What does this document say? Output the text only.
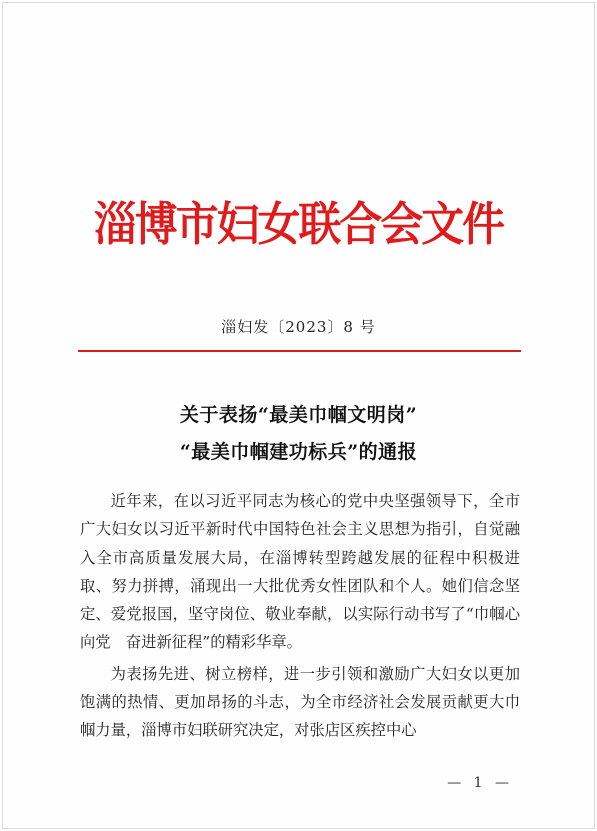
淄博市妇女联合会文件
淄妇发〔2023〕8 号
关于表扬“最美巾帼文明岗”
“最美巾帼建功标兵”的通报

近年来，在以习近平同志为核心的党中央坚强领导下，全市广大妇女以习近平新时代中国特色社会主义思想为指引，自觉融入全市高质量发展大局，在淄博转型跨越发展的征程中积极进取、努力拼搏，涌现出一大批优秀女性团队和个人。她们信念坚定、爱党报国，坚守岗位、敬业奉献，以实际行动书写了“巾帼心向党　奋进新征程”的精彩华章。

为表扬先进、树立榜样，进一步引领和激励广大妇女以更加饱满的热情、更加昂扬的斗志，为全市经济社会发展贡献更大巾帼力量，淄博市妇联研究决定，对张店区疾控中心

— 1 —
